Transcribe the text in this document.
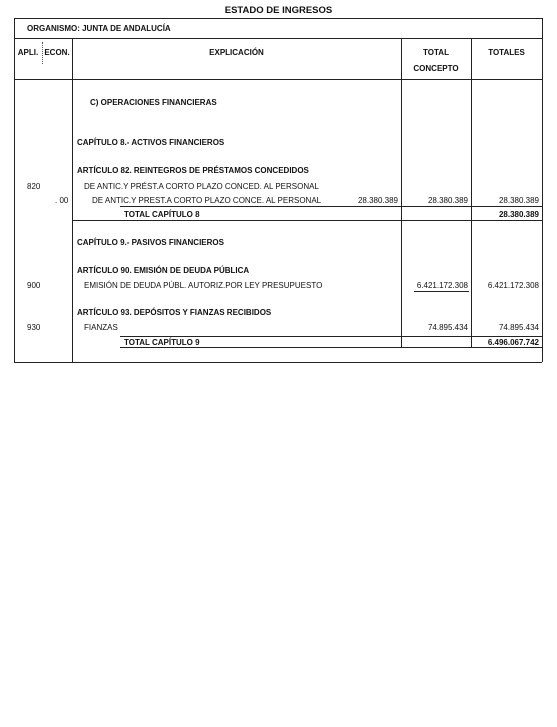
ESTADO DE INGRESOS
ORGANISMO: JUNTA DE ANDALUCÍA
APLI. ECON.	EXPLICACIÓN	TOTAL
CONCEPTO
TOTALES
C) OPERACIONES FINANCIERAS
CAPÍTULO 8.- ACTIVOS FINANCIEROS
ARTÍCULO 82. REINTEGROS DE PRÉSTAMOS CONCEDIDOS
820	DE ANTIC.Y PRÉST.A CORTO PLAZO CONCED. AL PERSONAL
. 00	DE ANTIC.Y PREST.A CORTO PLAZO CONCE. AL PERSONAL	28.380.389	28.380.389	28.380.389
TOTAL CAPÍTULO 8	28.380.389
CAPÍTULO 9.- PASIVOS FINANCIEROS
ARTÍCULO 90. EMISIÓN DE DEUDA PÚBLICA
900	EMISIÓN DE DEUDA PÚBL. AUTORIZ.POR LEY PRESUPUESTO	6.421.172.308	6.421.172.308
ARTÍCULO 93. DEPÓSITOS Y FIANZAS RECIBIDOS
930	FIANZAS	74.895.434	74.895.434
TOTAL CAPÍTULO 9	6.496.067.742
